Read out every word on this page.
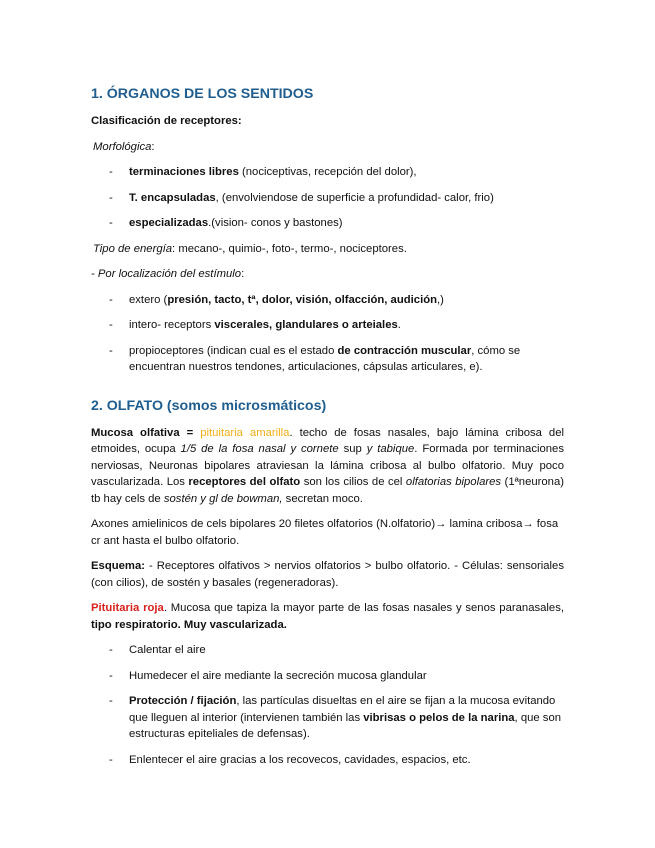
1. ÓRGANOS DE LOS SENTIDOS
Clasificación de receptores:
Morfológica:
- terminaciones libres (nociceptivas, recepción del dolor),
- T. encapsuladas, (envolviendose de superficie a profundidad- calor, frio)
- especializadas.(vision- conos y bastones)
Tipo de energía: mecano-, quimio-, foto-, termo-, nociceptores.
- Por localización del estímulo:
- extero (presión, tacto, tª, dolor, visión, olfacción, audición,)
- intero- receptors viscerales, glandulares o arteiales.
- propioceptores (indican cual es el estado de contracción muscular, cómo se encuentran nuestros tendones, articulaciones, cápsulas articulares, e).
2. OLFATO (somos microsmáticos)
Mucosa olfativa = pituitaria amarilla. techo de fosas nasales, bajo lámina cribosa del etmoides, ocupa 1/5 de la fosa nasal y cornete sup y tabique. Formada por terminaciones nerviosas, Neuronas bipolares atraviesan la lámina cribosa al bulbo olfatorio. Muy poco vascularizada. Los receptores del olfato son los cilios de cel olfatorias bipolares (1ªneurona) tb hay cels de sostén y gl de bowman, secretan moco.
Axones amielinicos de cels bipolares 20 filetes olfatorios (N.olfatorio)→ lamina cribosa→ fosa cr ant hasta el bulbo olfatorio.
Esquema: - Receptores olfativos > nervios olfatorios > bulbo olfatorio. - Células: sensoriales (con cilios), de sostén y basales (regeneradoras).
Pituitaria roja. Mucosa que tapiza la mayor parte de las fosas nasales y senos paranasales, tipo respiratorio. Muy vascularizada.
- Calentar el aire
- Humedecer el aire mediante la secreción mucosa glandular
- Protección / fijación, las partículas disueltas en el aire se fijan a la mucosa evitando que lleguen al interior (intervienen también las vibrisas o pelos de la narina, que son estructuras epiteliales de defensas).
- Enlentecer el aire gracias a los recovecos, cavidades, espacios, etc.
